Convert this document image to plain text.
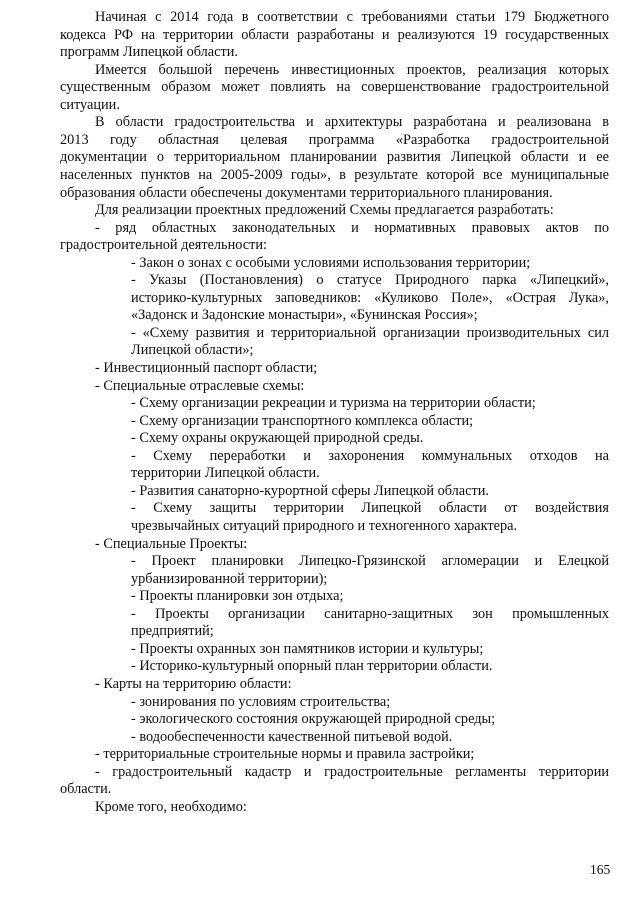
Начиная с 2014 года в соответствии с требованиями статьи 179 Бюджетного
кодекса РФ на территории области разработаны и реализуются 19 государственных
программ Липецкой области.
Имеется большой перечень инвестиционных проектов, реализация которых
существенным образом может повлиять на совершенствование градостроительной
ситуации.
В области градостроительства и архитектуры разработана и реализована в
2013 году областная целевая программа «Разработка градостроительной
документации о территориальном планировании развития Липецкой области и ее
населенных пунктов на 2005-2009 годы», в результате которой все муниципальные
образования области обеспечены документами территориального планирования.
Для реализации проектных предложений Схемы предлагается разработать:
- ряд областных законодательных и нормативных правовых актов по
градостроительной деятельности:
- Закон о зонах с особыми условиями использования территории;
- Указы (Постановления) о статусе Природного парка «Липецкий»,
историко-культурных заповедников: «Куликово Поле», «Острая Лука»,
«Задонск и Задонские монастыри», «Бунинская Россия»;
- «Схему развития и территориальной организации производительных сил
Липецкой области»;
- Инвестиционный паспорт области;
- Специальные отраслевые схемы:
- Схему организации рекреации и туризма на территории области;
- Схему организации транспортного комплекса области;
- Схему охраны окружающей природной среды.
- Схему переработки и захоронения коммунальных отходов на
территории Липецкой области.
- Развития санаторно-курортной сферы Липецкой области.
- Схему защиты территории Липецкой области от воздействия
чрезвычайных ситуаций природного и техногенного характера.
- Специальные Проекты:
- Проект планировки Липецко-Грязинской агломерации и Елецкой
урбанизированной территории);
- Проекты планировки зон отдыха;
- Проекты организации санитарно-защитных зон промышленных
предприятий;
- Проекты охранных зон памятников истории и культуры;
- Историко-культурный опорный план территории области.
- Карты на территорию области:
- зонирования по условиям строительства;
- экологического состояния окружающей природной среды;
- водообеспеченности качественной питьевой водой.
- территориальные строительные нормы и правила застройки;
- градостроительный кадастр и градостроительные регламенты территории
области.
Кроме того, необходимо:
165
